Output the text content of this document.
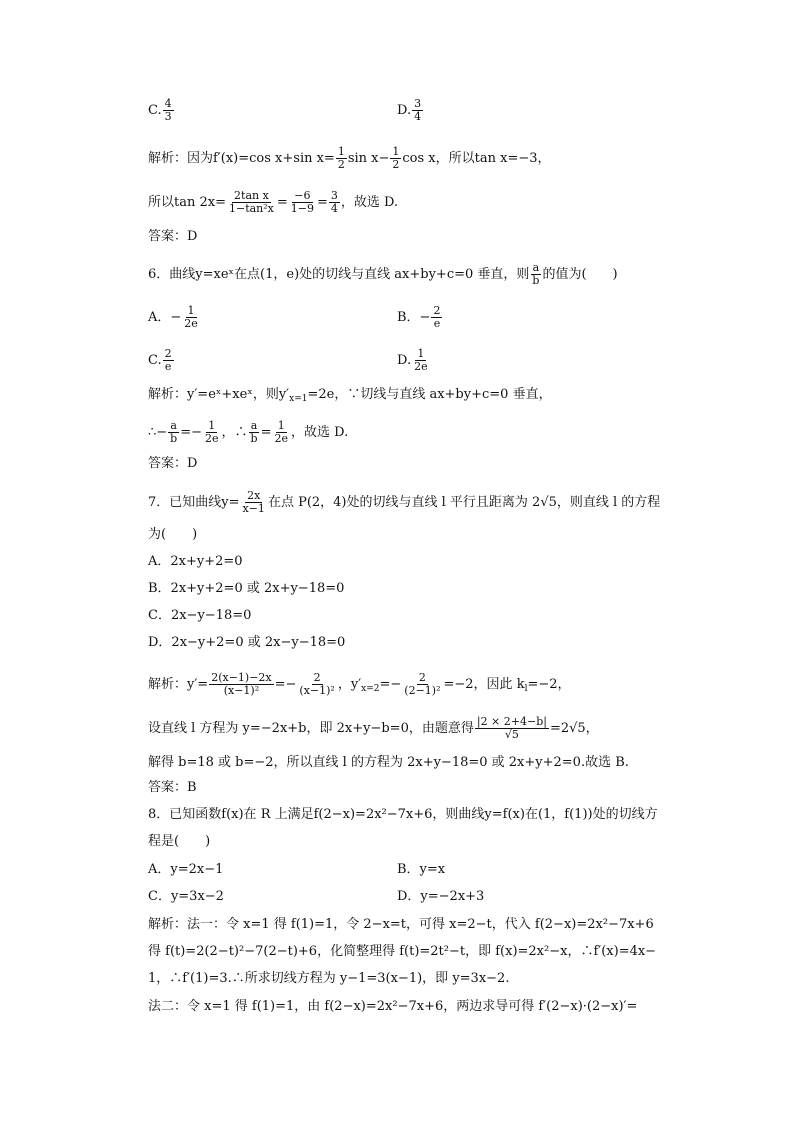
C. $\frac{4}{3}$	D. $\frac{3}{4}$
解析：因为f′(x)=cos x+sin $x= \frac{1}{2}$ $\sin x- \frac{1}{2}$ cos x，所以tan x=−3，
所以$\tan 2x= \frac{\text{2tan x}}{\text{1−tan²x}} = \frac{-6}{1-9} = \frac{3}{4}$ ，故选 D.
答案：D
6．曲线y=xeˣ在点(1，e)处的切线与直线 ax+by+c=0 垂直，则 $\frac{a}{b}$ 的值为(　　)
A．− $\frac{1}{2e}$	B．− $\frac{2}{e}$
C. $\frac{2}{e}$	D. $\frac{1}{2e}$
解析：y′=eˣ+xeˣ，则$y'_{x=1}=2e$，∵切线与直线 ax+by+c=0 垂直，
∴− $\frac{a}{b} =- \frac{1}{2e}$ ，∴ $\frac{a}{b} = \frac{1}{2e}$ ，故选 D.
答案：D
7．已知曲线$y= \frac{2x}{x-1}$ 在点 P(2，4)处的切线与直线 l 平行且距离为 2√5，则直线 l 的方程
为(　　)
A．2x+y+2=0
B．2x+y+2=0 或 2x+y−18=0
C．2x−y−18=0
D．2x−y+2=0 或 2x−y−18=0
解析：$y'= \frac{2(x-1)-2x}{\text{(x−1)²}} =- \frac{2}{\text{(x−1)²}}$ ，$y'_{x=2}=- \frac{2}{\text{(2−1)²}} =-2$，因此 $k_l=-2$，
设直线 l 方程为 y=−2x+b，即 2x+y−b=0，由题意得 $\frac{|2 \times 2+4-b|}{√5} =2√5$，
解得 b=18 或 b=−2，所以直线 l 的方程为 2x+y−18=0 或 2x+y+2=0.故选 B.
答案：B
8．已知函数f(x)在 R 上满足f(2−x)=2x²−7x+6，则曲线y=f(x)在(1，f(1))处的切线方
程是(　　)
A．y=2x−1	B．y=x
C．y=3x−2	D．y=−2x+3
解析：法一：令 x=1 得 f(1)=1，令 2−x=t，可得 x=2−t，代入 f(2−x)=2x²−7x+6
得 f(t)=2(2−t)²−7(2−t)+6，化简整理得 f(t)=2t²−t，即 f(x)=2x²−x，∴f′(x)=4x−
1，∴f′(1)=3.∴所求切线方程为 y−1=3(x−1)，即 y=3x−2.
法二：令 x=1 得 f(1)=1，由 f(2−x)=2x²−7x+6，两边求导可得 f′(2−x)·(2−x)′=
